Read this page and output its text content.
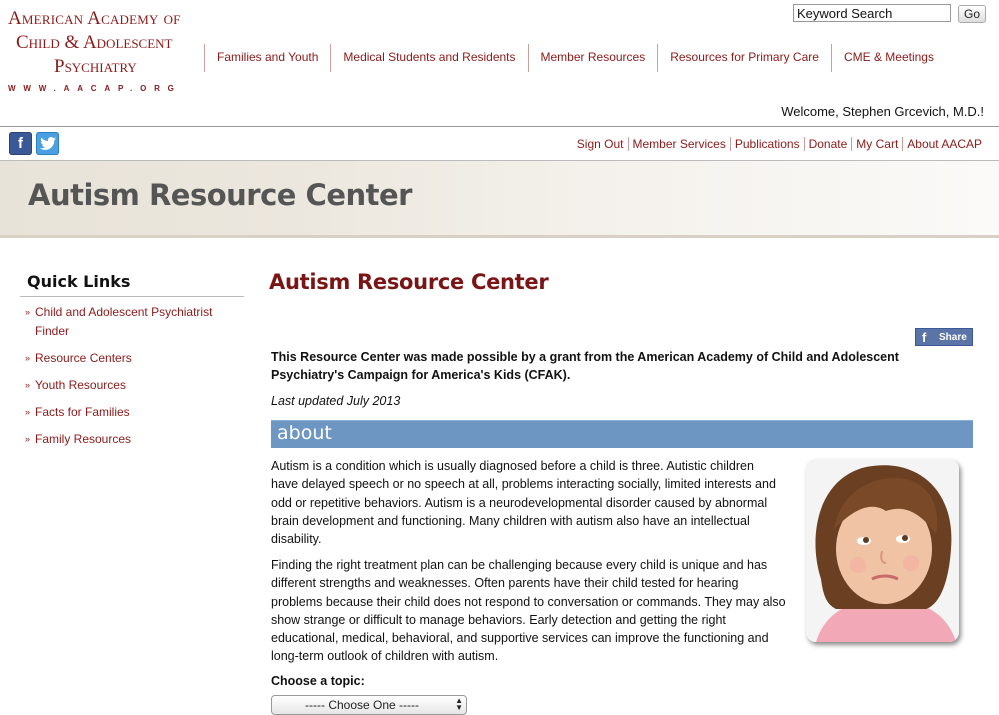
American Academy of
Child & Adolescent
Psychiatry
WWW.AACAP.ORG
Keyword Search
Go
Families and Youth	Medical Students and Residents	Member Resources	Resources for Primary Care	CME & Meetings
Welcome, Stephen Grcevich, M.D.!
f	Sign Out Member Services Publications Donate My Cart About AACAP
Autism Resource Center
Quick Links
» Child and Adolescent Psychiatrist Finder
» Resource Centers
» Youth Resources
» Facts for Families
» Family Resources
Autism Resource Center
f Share
This Resource Center was made possible by a grant from the American Academy of Child and Adolescent Psychiatry's Campaign for America's Kids (CFAK).
Last updated July 2013
about
Autism is a condition which is usually diagnosed before a child is three. Autistic children have delayed speech or no speech at all, problems interacting socially, limited interests and odd or repetitive behaviors. Autism is a neurodevelopmental disorder caused by abnormal brain development and functioning. Many children with autism also have an intellectual disability.
Finding the right treatment plan can be challenging because every child is unique and has different strengths and weaknesses. Often parents have their child tested for hearing problems because their child does not respond to conversation or commands. They may also show strange or difficult to manage behaviors. Early detection and getting the right educational, medical, behavioral, and supportive services can improve the functioning and long-term outlook of children with autism.
Choose a topic:
----- Choose One -----	▲
▼
